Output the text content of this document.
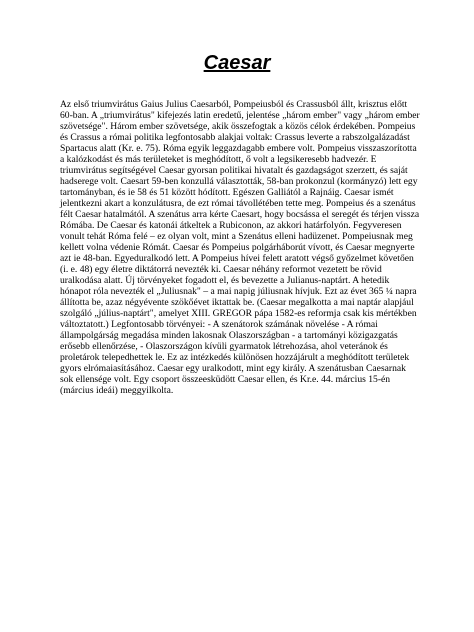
Caesar

Az első triumvirátus Gaius Julius Caesarból, Pompeiusból és Crassusból állt, krisztus előtt 60-ban. A „triumvirátus" kifejezés latin eredetű, jelentése „három ember" vagy „három ember szövetsége". Három ember szövetsége, akik összefogtak a közös célok érdekében. Pompeius és Crassus a római politika legfontosabb alakjai voltak: Crassus leverte a rabszolgalázadást Spartacus alatt (Kr. e. 75). Róma egyik leggazdagabb embere volt. Pompeius visszaszorította a kalózkodást és más területeket is meghódított, ő volt a legsikeresebb hadvezér. E triumvirátus segítségével Caesar gyorsan politikai hivatalt és gazdagságot szerzett, és saját hadserege volt. Caesart 59-ben konzullá választották, 58-ban prokonzul (kormányzó) lett egy tartományban, és ie 58 és 51 között hódított. Egészen Galliától a Rajnáig. Caesar ismét jelentkezni akart a konzulátusra, de ezt római távollétében tette meg. Pompeius és a szenátus félt Caesar hatalmától. A szenátus arra kérte Caesart, hogy bocsássa el seregét és térjen vissza Rómába. De Caesar és katonái átkeltek a Rubiconon, az akkori határfolyón. Fegyveresen vonult tehát Róma felé – ez olyan volt, mint a Szenátus elleni hadüzenet. Pompeiusnak meg kellett volna védenie Rómát. Caesar és Pompeius polgárháborút vívott, és Caesar megnyerte azt ie 48-ban. Egyeduralkodó lett. A Pompeius hívei felett aratott végső győzelmet követően (i. e. 48) egy életre diktátorrá nevezték ki. Caesar néhány reformot vezetett be rövid uralkodása alatt. Új törvényeket fogadott el, és bevezette a Julianus-naptárt. A hetedik hónapot róla nevezték el „Juliusnak" – a mai napig júliusnak hívjuk. Ezt az évet 365 ¼ napra állította be, azaz négyévente szökőévet iktattak be. (Caesar megalkotta a mai naptár alapjául szolgáló „július-naptárt", amelyet XIII. GREGOR pápa 1582-es reformja csak kis mértékben változtatott.) Legfontosabb törvényei: - A szenátorok számának növelése - A római állampolgárság megadása minden lakosnak Olaszországban - a tartományi közigazgatás erősebb ellenőrzése, - Olaszországon kívüli gyarmatok létrehozása, ahol veteránok és proletárok telepedhettek le. Ez az intézkedés különösen hozzájárult a meghódított területek gyors elrómaiasításához. Caesar egy uralkodott, mint egy király. A szenátusban Caesarnak sok ellensége volt. Egy csoport összeesküdött Caesar ellen, és Kr.e. 44. március 15-én (március ideái) meggyilkolta.
